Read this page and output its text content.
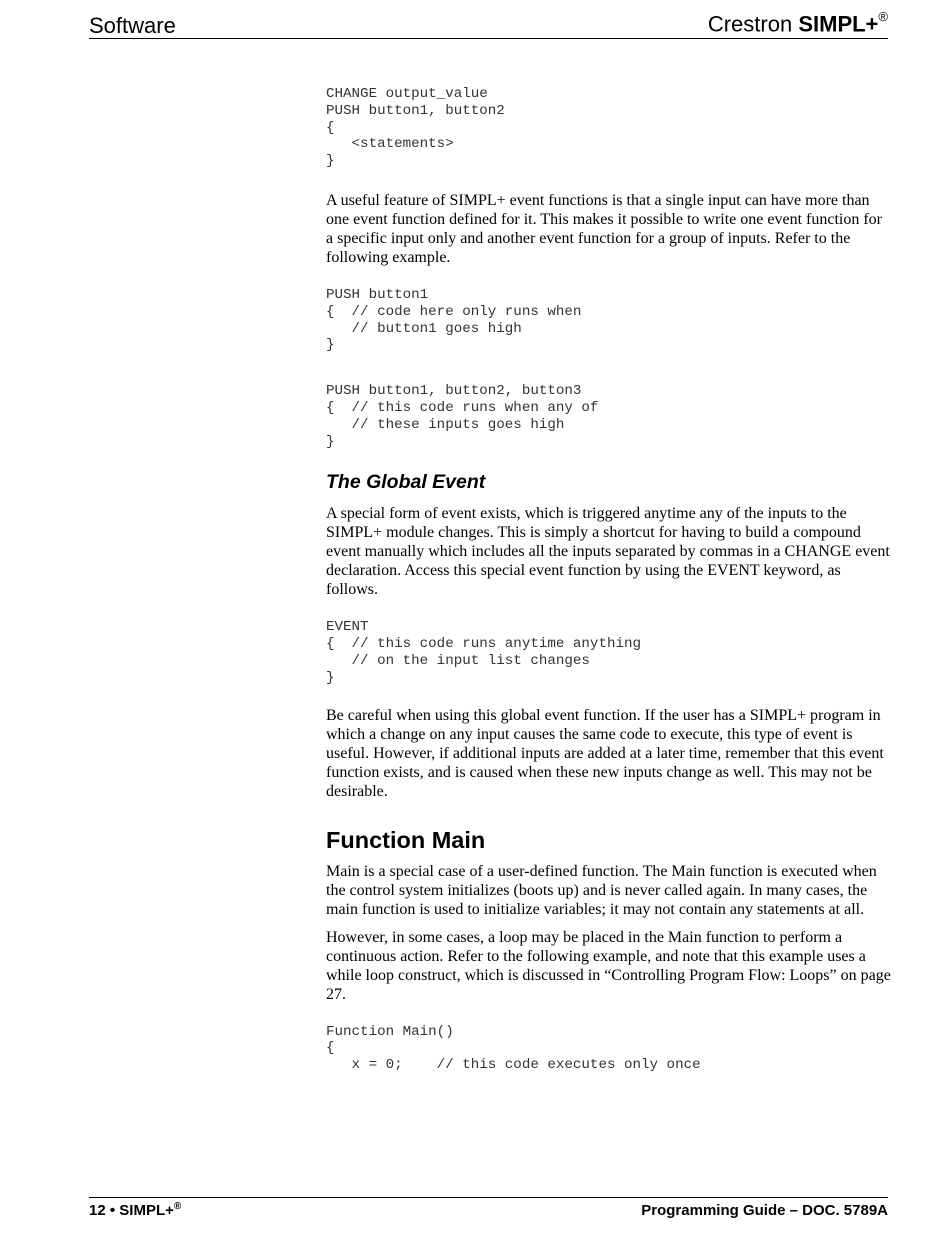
Software	Crestron SIMPL+®
CHANGE output_value
PUSH button1, button2
{
<statements>
}

A useful feature of SIMPL+ event functions is that a single input can have more than one event function defined for it. This makes it possible to write one event function for a specific input only and another event function for a group of inputs. Refer to the following example.

PUSH button1
{  // code here only runs when
// button1 goes high
}
PUSH button1, button2, button3
{  // this code runs when any of
// these inputs goes high
}
The Global Event

A special form of event exists, which is triggered anytime any of the inputs to the SIMPL+ module changes. This is simply a shortcut for having to build a compound event manually which includes all the inputs separated by commas in a CHANGE event declaration. Access this special event function by using the EVENT keyword, as follows.

EVENT
{  // this code runs anytime anything
// on the input list changes
}

Be careful when using this global event function. If the user has a SIMPL+ program in which a change on any input causes the same code to execute, this type of event is useful. However, if additional inputs are added at a later time, remember that this event function exists, and is caused when these new inputs change as well. This may not be desirable.

Function Main

Main is a special case of a user-defined function. The Main function is executed when the control system initializes (boots up) and is never called again. In many cases, the main function is used to initialize variables; it may not contain any statements at all.

However, in some cases, a loop may be placed in the Main function to perform a continuous action. Refer to the following example, and note that this example uses a while loop construct, which is discussed in “Controlling Program Flow: Loops” on page 27.

Function Main()
{
x = 0;    // this code executes only once
12 • SIMPL+®	Programming Guide – DOC. 5789A
